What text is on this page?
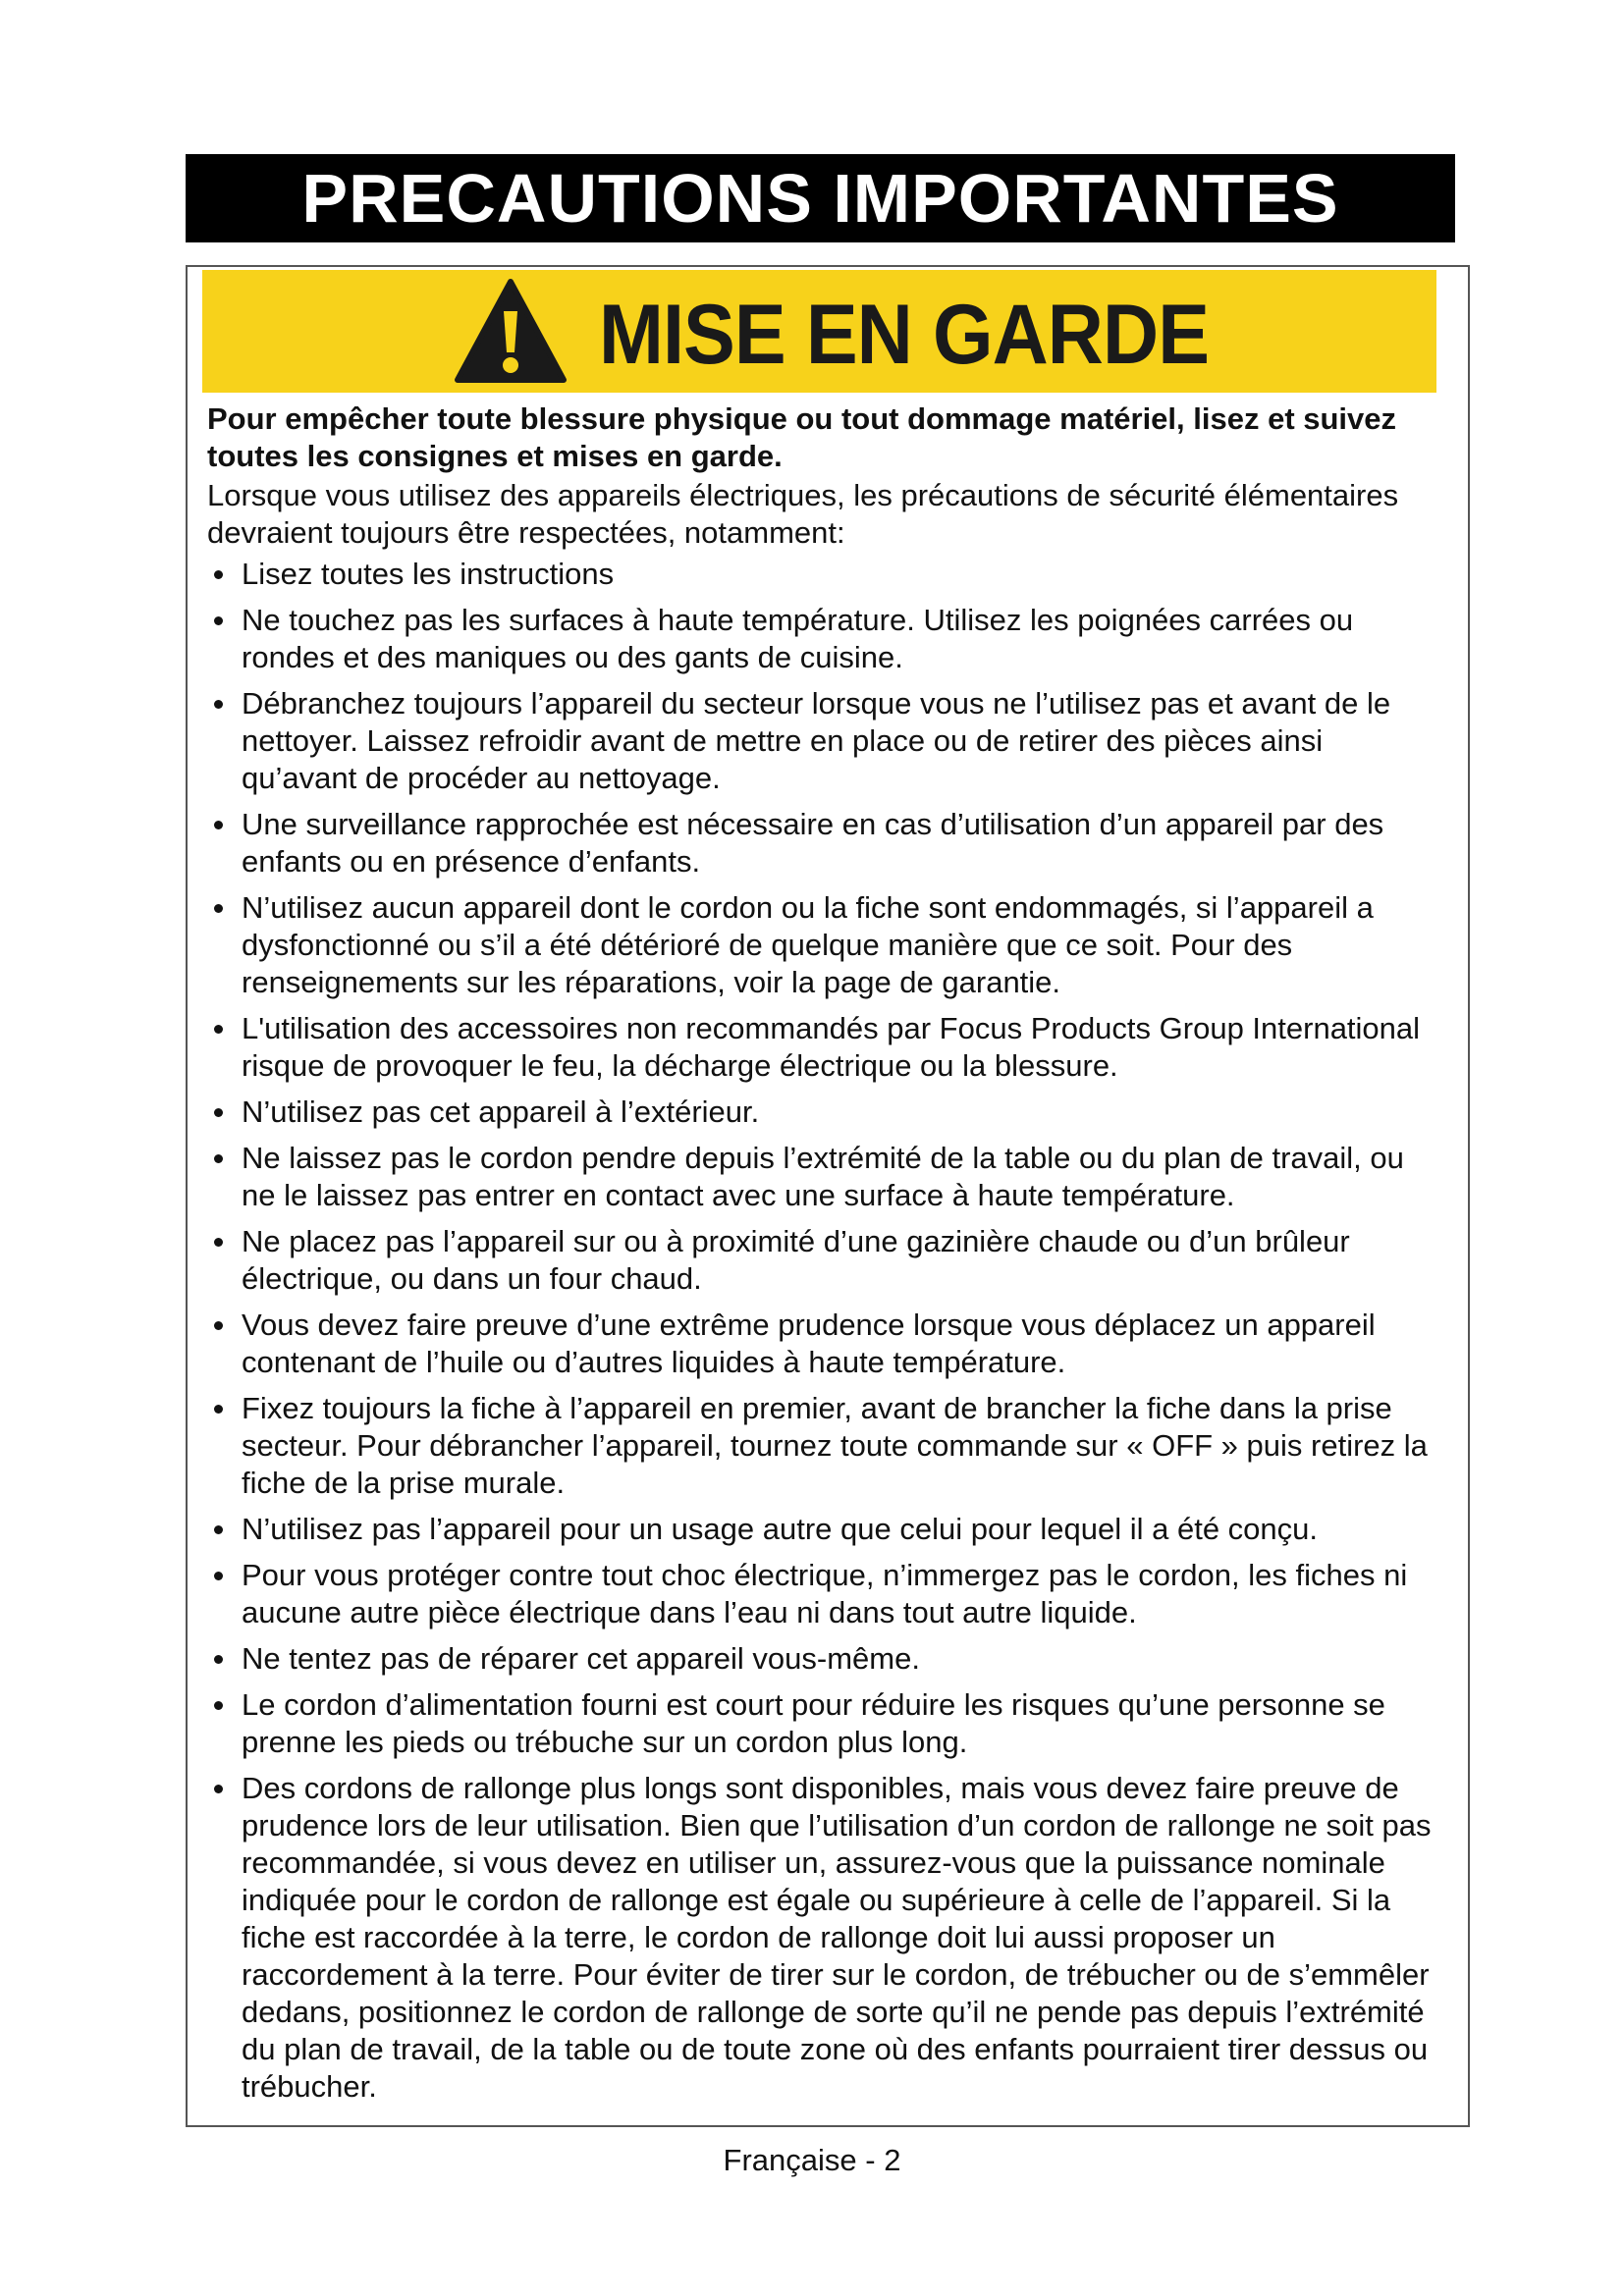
PRECAUTIONS IMPORTANTES
MISE EN GARDE

Pour empêcher toute blessure physique ou tout dommage matériel, lisez et suivez toutes les consignes et mises en garde.

Lorsque vous utilisez des appareils électriques, les précautions de sécurité élémentaires devraient toujours être respectées, notamment:

Lisez toutes les instructions
Ne touchez pas les surfaces à haute température. Utilisez les poignées carrées ou rondes et des maniques ou des gants de cuisine.
Débranchez toujours l’appareil du secteur lorsque vous ne l’utilisez pas et avant de le nettoyer. Laissez refroidir avant de mettre en place ou de retirer des pièces ainsi qu’avant de procéder au nettoyage.
Une surveillance rapprochée est nécessaire en cas d’utilisation d’un appareil par des enfants ou en présence d’enfants.
N’utilisez aucun appareil dont le cordon ou la fiche sont endommagés, si l’appareil a dysfonctionné ou s’il a été détérioré de quelque manière que ce soit. Pour des renseignements sur les réparations, voir la page de garantie.
L'utilisation des accessoires non recommandés par Focus Products Group International risque de provoquer le feu, la décharge électrique ou la blessure.
N’utilisez pas cet appareil à l’extérieur.
Ne laissez pas le cordon pendre depuis l’extrémité de la table ou du plan de travail, ou ne le laissez pas entrer en contact avec une surface à haute température.
Ne placez pas l’appareil sur ou à proximité d’une gazinière chaude ou d’un brûleur électrique, ou dans un four chaud.
Vous devez faire preuve d’une extrême prudence lorsque vous déplacez un appareil contenant de l’huile ou d’autres liquides à haute température.
Fixez toujours la fiche à l’appareil en premier, avant de brancher la fiche dans la prise secteur. Pour débrancher l’appareil, tournez toute commande sur « OFF » puis retirez la fiche de la prise murale.
N’utilisez pas l’appareil pour un usage autre que celui pour lequel il a été conçu.
Pour vous protéger contre tout choc électrique, n’immergez pas le cordon, les fiches ni aucune autre pièce électrique dans l’eau ni dans tout autre liquide.
Ne tentez pas de réparer cet appareil vous-même.
Le cordon d’alimentation fourni est court pour réduire les risques qu’une personne se prenne les pieds ou trébuche sur un cordon plus long.
Des cordons de rallonge plus longs sont disponibles, mais vous devez faire preuve de prudence lors de leur utilisation. Bien que l’utilisation d’un cordon de rallonge ne soit pas recommandée, si vous devez en utiliser un, assurez-vous que la puissance nominale indiquée pour le cordon de rallonge est égale ou supérieure à celle de l’appareil. Si la fiche est raccordée à la terre, le cordon de rallonge doit lui aussi proposer un raccordement à la terre. Pour éviter de tirer sur le cordon, de trébucher ou de s’emmêler dedans, positionnez le cordon de rallonge de sorte qu’il ne pende pas depuis l’extrémité du plan de travail, de la table ou de toute zone où des enfants pourraient tirer dessus ou trébucher.
Française - 2
